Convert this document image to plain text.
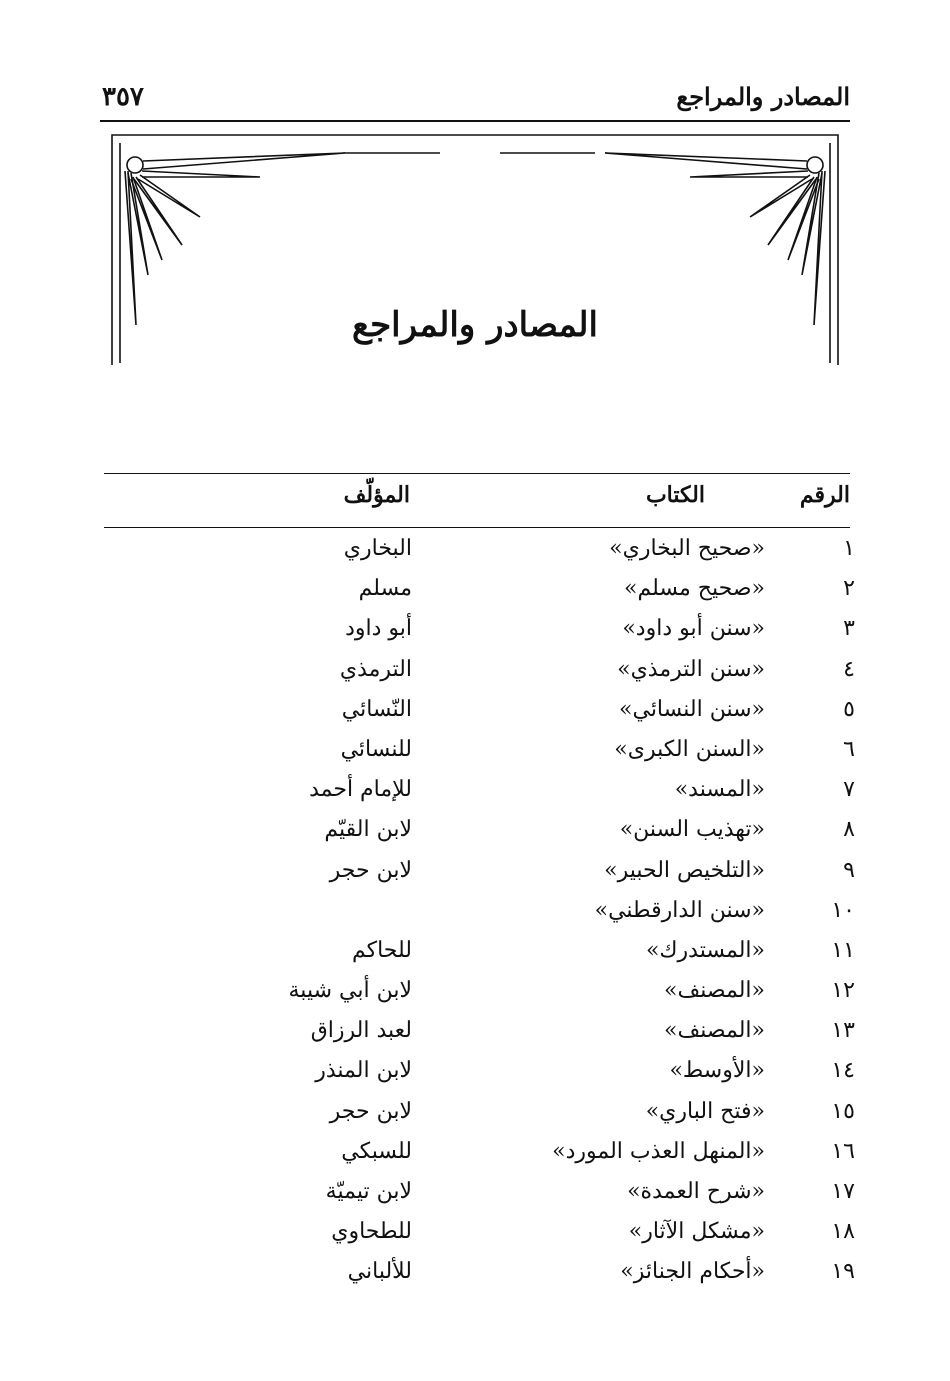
المصادر والمراجع
٣٥٧
المصادر والمراجع
الرقم
الكتاب
المؤلّف
١
«صحيح البخاري»
البخاري
٢
«صحيح مسلم»
مسلم
٣
«سنن أبو داود»
أبو داود
٤
«سنن الترمذي»
الترمذي
٥
«سنن النسائي»
النّسائي
٦
«السنن الكبرى»
للنسائي
٧
«المسند»
للإمام أحمد
٨
«تهذيب السنن»
لابن القيّم
٩
«التلخيص الحبير»
لابن حجر
١٠
«سنن الدارقطني»
١١
«المستدرك»
للحاكم
١٢
«المصنف»
لابن أبي شيبة
١٣
«المصنف»
لعبد الرزاق
١٤
«الأوسط»
لابن المنذر
١٥
«فتح الباري»
لابن حجر
١٦
«المنهل العذب المورد»
للسبكي
١٧
«شرح العمدة»
لابن تيميّة
١٨
«مشكل الآثار»
للطحاوي
١٩
«أحكام الجنائز»
للألباني
